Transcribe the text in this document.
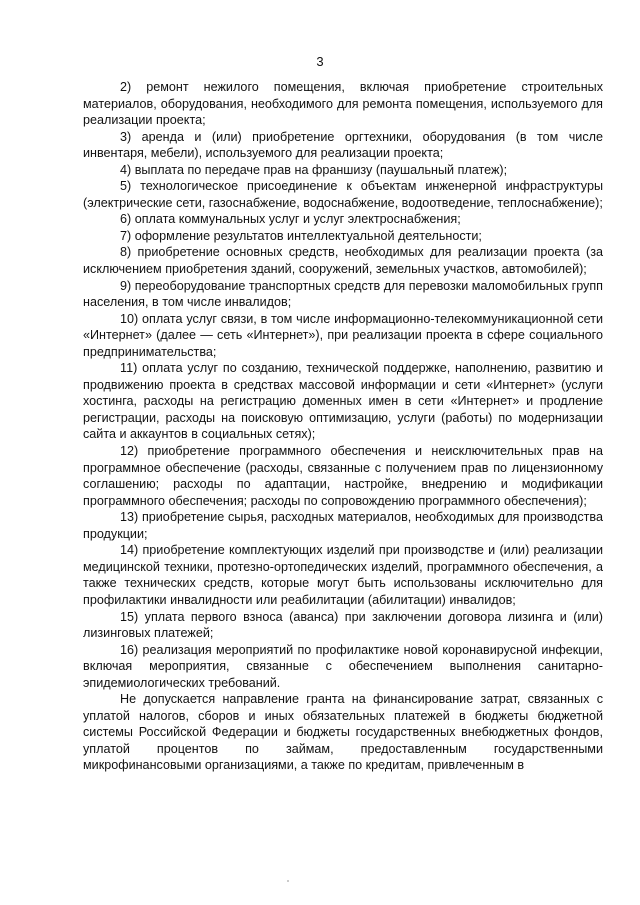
3

2) ремонт нежилого помещения, включая приобретение строительных материалов, оборудования, необходимого для ремонта помещения, используемого для реализации проекта;

3) аренда и (или) приобретение оргтехники, оборудования (в том числе инвентаря, мебели), используемого для реализации проекта;

4) выплата по передаче прав на франшизу (паушальный платеж);

5) технологическое присоединение к объектам инженерной инфраструктуры (электрические сети, газоснабжение, водоснабжение, водоотведение, теплоснабжение);

6) оплата коммунальных услуг и услуг электроснабжения;

7) оформление результатов интеллектуальной деятельности;

8) приобретение основных средств, необходимых для реализации проекта (за исключением приобретения зданий, сооружений, земельных участков, автомобилей);

9) переоборудование транспортных средств для перевозки маломобильных групп населения, в том числе инвалидов;

10) оплата услуг связи, в том числе информационно-телекоммуникационной сети «Интернет» (далее — сеть «Интернет»), при реализации проекта в сфере социального предпринимательства;

11) оплата услуг по созданию, технической поддержке, наполнению, развитию и продвижению проекта в средствах массовой информации и сети «Интернет» (услуги хостинга, расходы на регистрацию доменных имен в сети «Интернет» и продление регистрации, расходы на поисковую оптимизацию, услуги (работы) по модернизации сайта и аккаунтов в социальных сетях);

12) приобретение программного обеспечения и неисключительных прав на программное обеспечение (расходы, связанные с получением прав по лицензионному соглашению; расходы по адаптации, настройке, внедрению и модификации программного обеспечения; расходы по сопровождению программного обеспечения);

13) приобретение сырья, расходных материалов, необходимых для производства продукции;

14) приобретение комплектующих изделий при производстве и (или) реализации медицинской техники, протезно-ортопедических изделий, программного обеспечения, а также технических средств, которые могут быть использованы исключительно для профилактики инвалидности или реабилитации (абилитации) инвалидов;

15) уплата первого взноса (аванса) при заключении договора лизинга и (или) лизинговых платежей;

16) реализация мероприятий по профилактике новой коронавирусной инфекции, включая мероприятия, связанные с обеспечением выполнения санитарно-эпидемиологических требований.

Не допускается направление гранта на финансирование затрат, связанных с уплатой налогов, сборов и иных обязательных платежей в бюджеты бюджетной системы Российской Федерации и бюджеты государственных внебюджетных фондов, уплатой процентов по займам, предоставленным государственными микрофинансовыми организациями, а также по кредитам, привлеченным в
